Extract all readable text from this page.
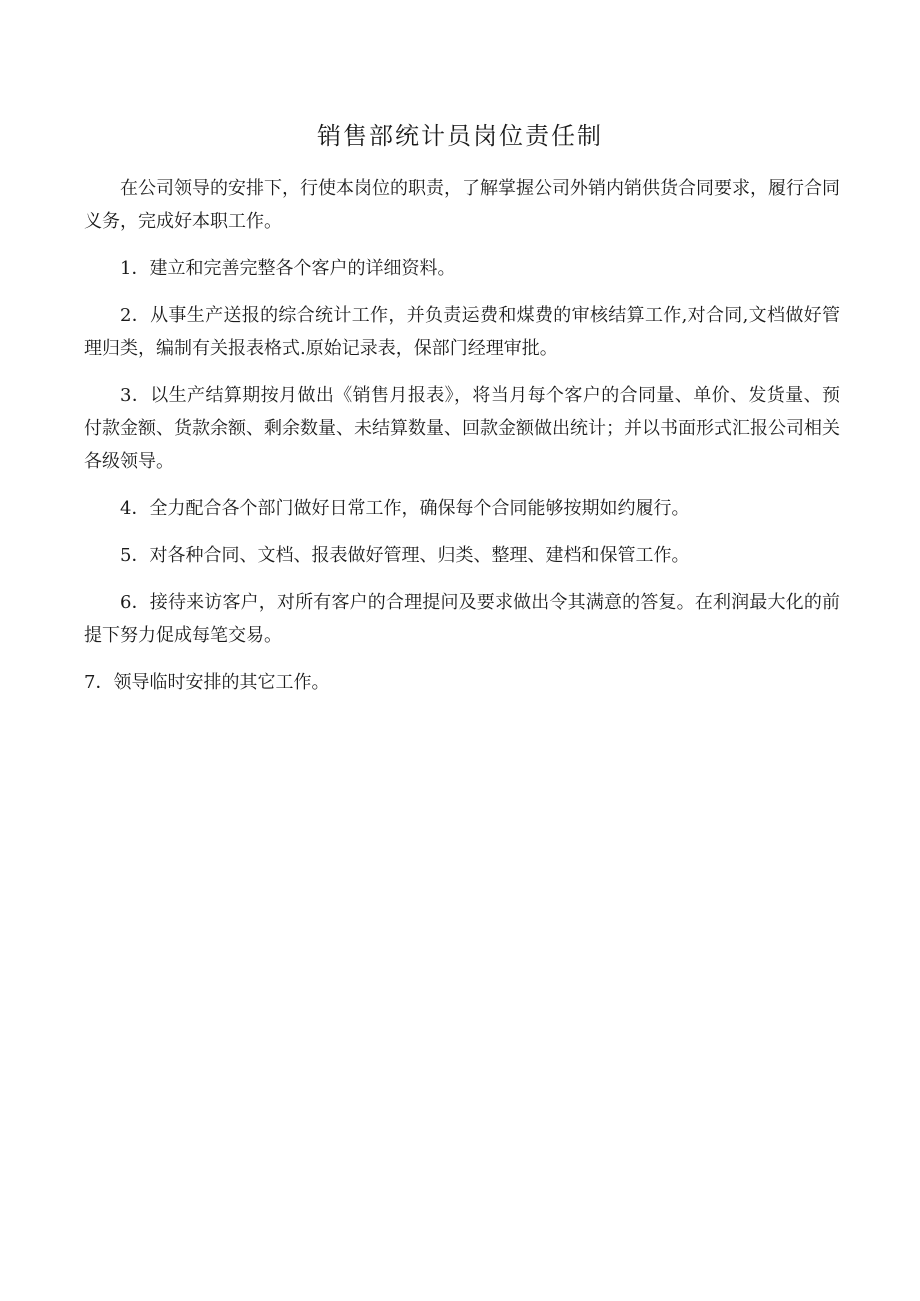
销售部统计员岗位责任制

在公司领导的安排下，行使本岗位的职责，了解掌握公司外销内销供货合同要求，履行合同义务，完成好本职工作。

1．建立和完善完整各个客户的详细资料。

2．从事生产送报的综合统计工作，并负责运费和煤费的审核结算工作,对合同,文档做好管理归类，编制有关报表格式.原始记录表，保部门经理审批。

3．以生产结算期按月做出《销售月报表》，将当月每个客户的合同量、单价、发货量、预付款金额、货款余额、剩余数量、未结算数量、回款金额做出统计；并以书面形式汇报公司相关各级领导。

4．全力配合各个部门做好日常工作，确保每个合同能够按期如约履行。

5．对各种合同、文档、报表做好管理、归类、整理、建档和保管工作。

6．接待来访客户，对所有客户的合理提问及要求做出令其满意的答复。在利润最大化的前提下努力促成每笔交易。

7．领导临时安排的其它工作。
